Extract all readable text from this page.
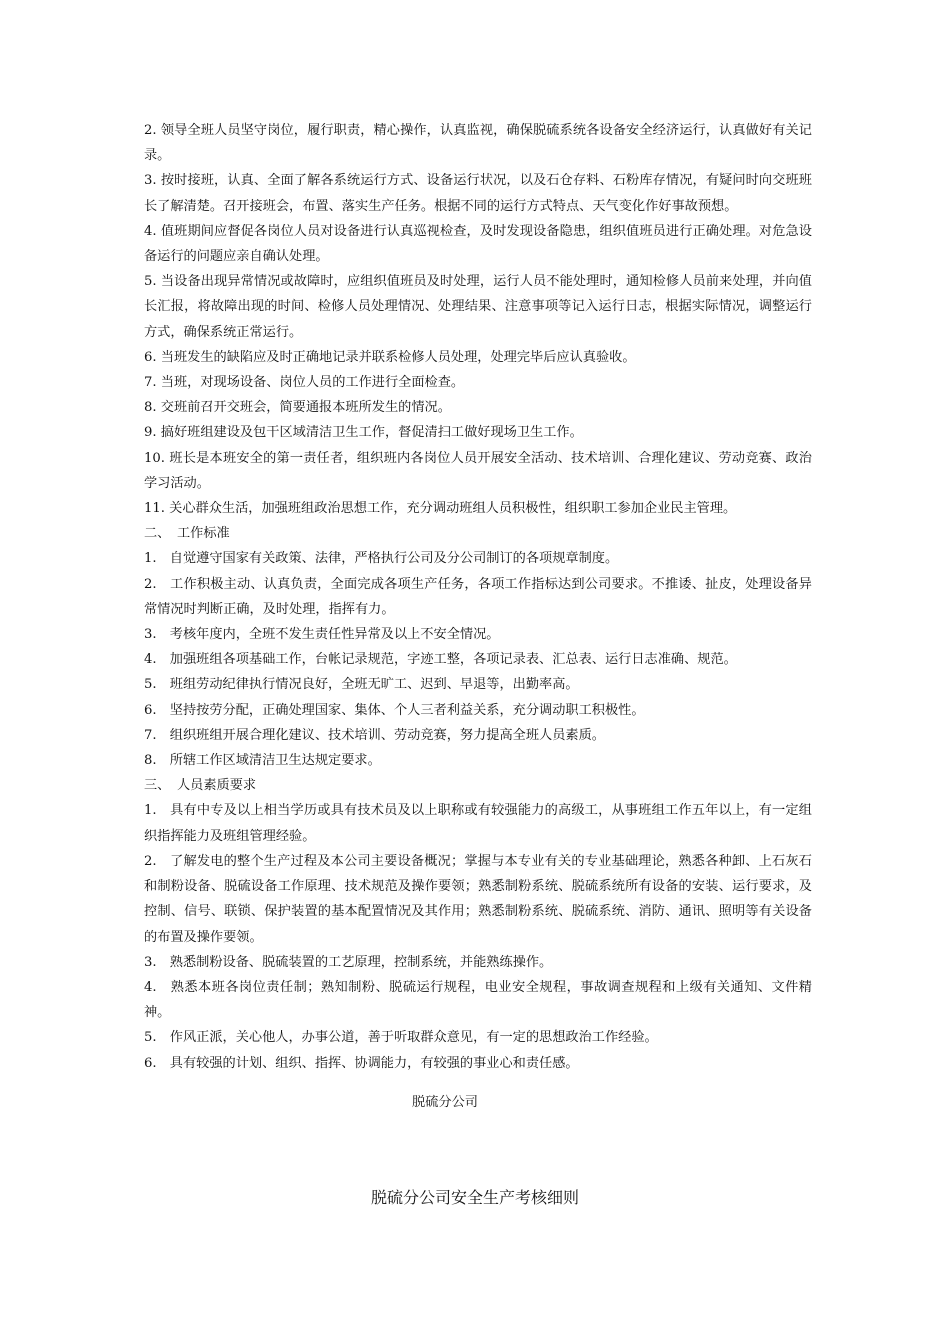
2. 领导全班人员坚守岗位，履行职责，精心操作，认真监视，确保脱硫系统各设备安全经济运行，认真做好有关记录。

3. 按时接班，认真、全面了解各系统运行方式、设备运行状况，以及石仓存料、石粉库存情况，有疑问时向交班班长了解清楚。召开接班会，布置、落实生产任务。根据不同的运行方式特点、天气变化作好事故预想。

4. 值班期间应督促各岗位人员对设备进行认真巡视检查，及时发现设备隐患，组织值班员进行正确处理。对危急设备运行的问题应亲自确认处理。

5. 当设备出现异常情况或故障时，应组织值班员及时处理，运行人员不能处理时，通知检修人员前来处理，并向值长汇报，将故障出现的时间、检修人员处理情况、处理结果、注意事项等记入运行日志，根据实际情况，调整运行方式，确保系统正常运行。

6. 当班发生的缺陷应及时正确地记录并联系检修人员处理，处理完毕后应认真验收。

7. 当班，对现场设备、岗位人员的工作进行全面检查。

8. 交班前召开交班会，简要通报本班所发生的情况。

9. 搞好班组建设及包干区域清洁卫生工作，督促清扫工做好现场卫生工作。

10. 班长是本班安全的第一责任者，组织班内各岗位人员开展安全活动、技术培训、合理化建议、劳动竞赛、政治学习活动。

11. 关心群众生活，加强班组政治思想工作，充分调动班组人员积极性，组织职工参加企业民主管理。

二、　工作标准

1.　自觉遵守国家有关政策、法律，严格执行公司及分公司制订的各项规章制度。

2.　工作积极主动、认真负责，全面完成各项生产任务，各项工作指标达到公司要求。不推诿、扯皮，处理设备异常情况时判断正确，及时处理，指挥有力。

3.　考核年度内，全班不发生责任性异常及以上不安全情况。

4.　加强班组各项基础工作，台帐记录规范，字迹工整，各项记录表、汇总表、运行日志准确、规范。

5.　班组劳动纪律执行情况良好，全班无旷工、迟到、早退等，出勤率高。

6.　坚持按劳分配，正确处理国家、集体、个人三者利益关系，充分调动职工积极性。

7.　组织班组开展合理化建议、技术培训、劳动竞赛，努力提高全班人员素质。

8.　所辖工作区域清洁卫生达规定要求。

三、　人员素质要求

1.　具有中专及以上相当学历或具有技术员及以上职称或有较强能力的高级工，从事班组工作五年以上，有一定组织指挥能力及班组管理经验。

2.　了解发电的整个生产过程及本公司主要设备概况；掌握与本专业有关的专业基础理论，熟悉各种卸、上石灰石和制粉设备、脱硫设备工作原理、技术规范及操作要领；熟悉制粉系统、脱硫系统所有设备的安装、运行要求，及控制、信号、联锁、保护装置的基本配置情况及其作用；熟悉制粉系统、脱硫系统、消防、通讯、照明等有关设备的布置及操作要领。

3.　熟悉制粉设备、脱硫装置的工艺原理，控制系统，并能熟练操作。

4.　熟悉本班各岗位责任制；熟知制粉、脱硫运行规程，电业安全规程，事故调查规程和上级有关通知、文件精神。

5.　作风正派，关心他人，办事公道，善于听取群众意见，有一定的思想政治工作经验。

6.　具有较强的计划、组织、指挥、协调能力，有较强的事业心和责任感。

脱硫分公司
脱硫分公司安全生产考核细则
